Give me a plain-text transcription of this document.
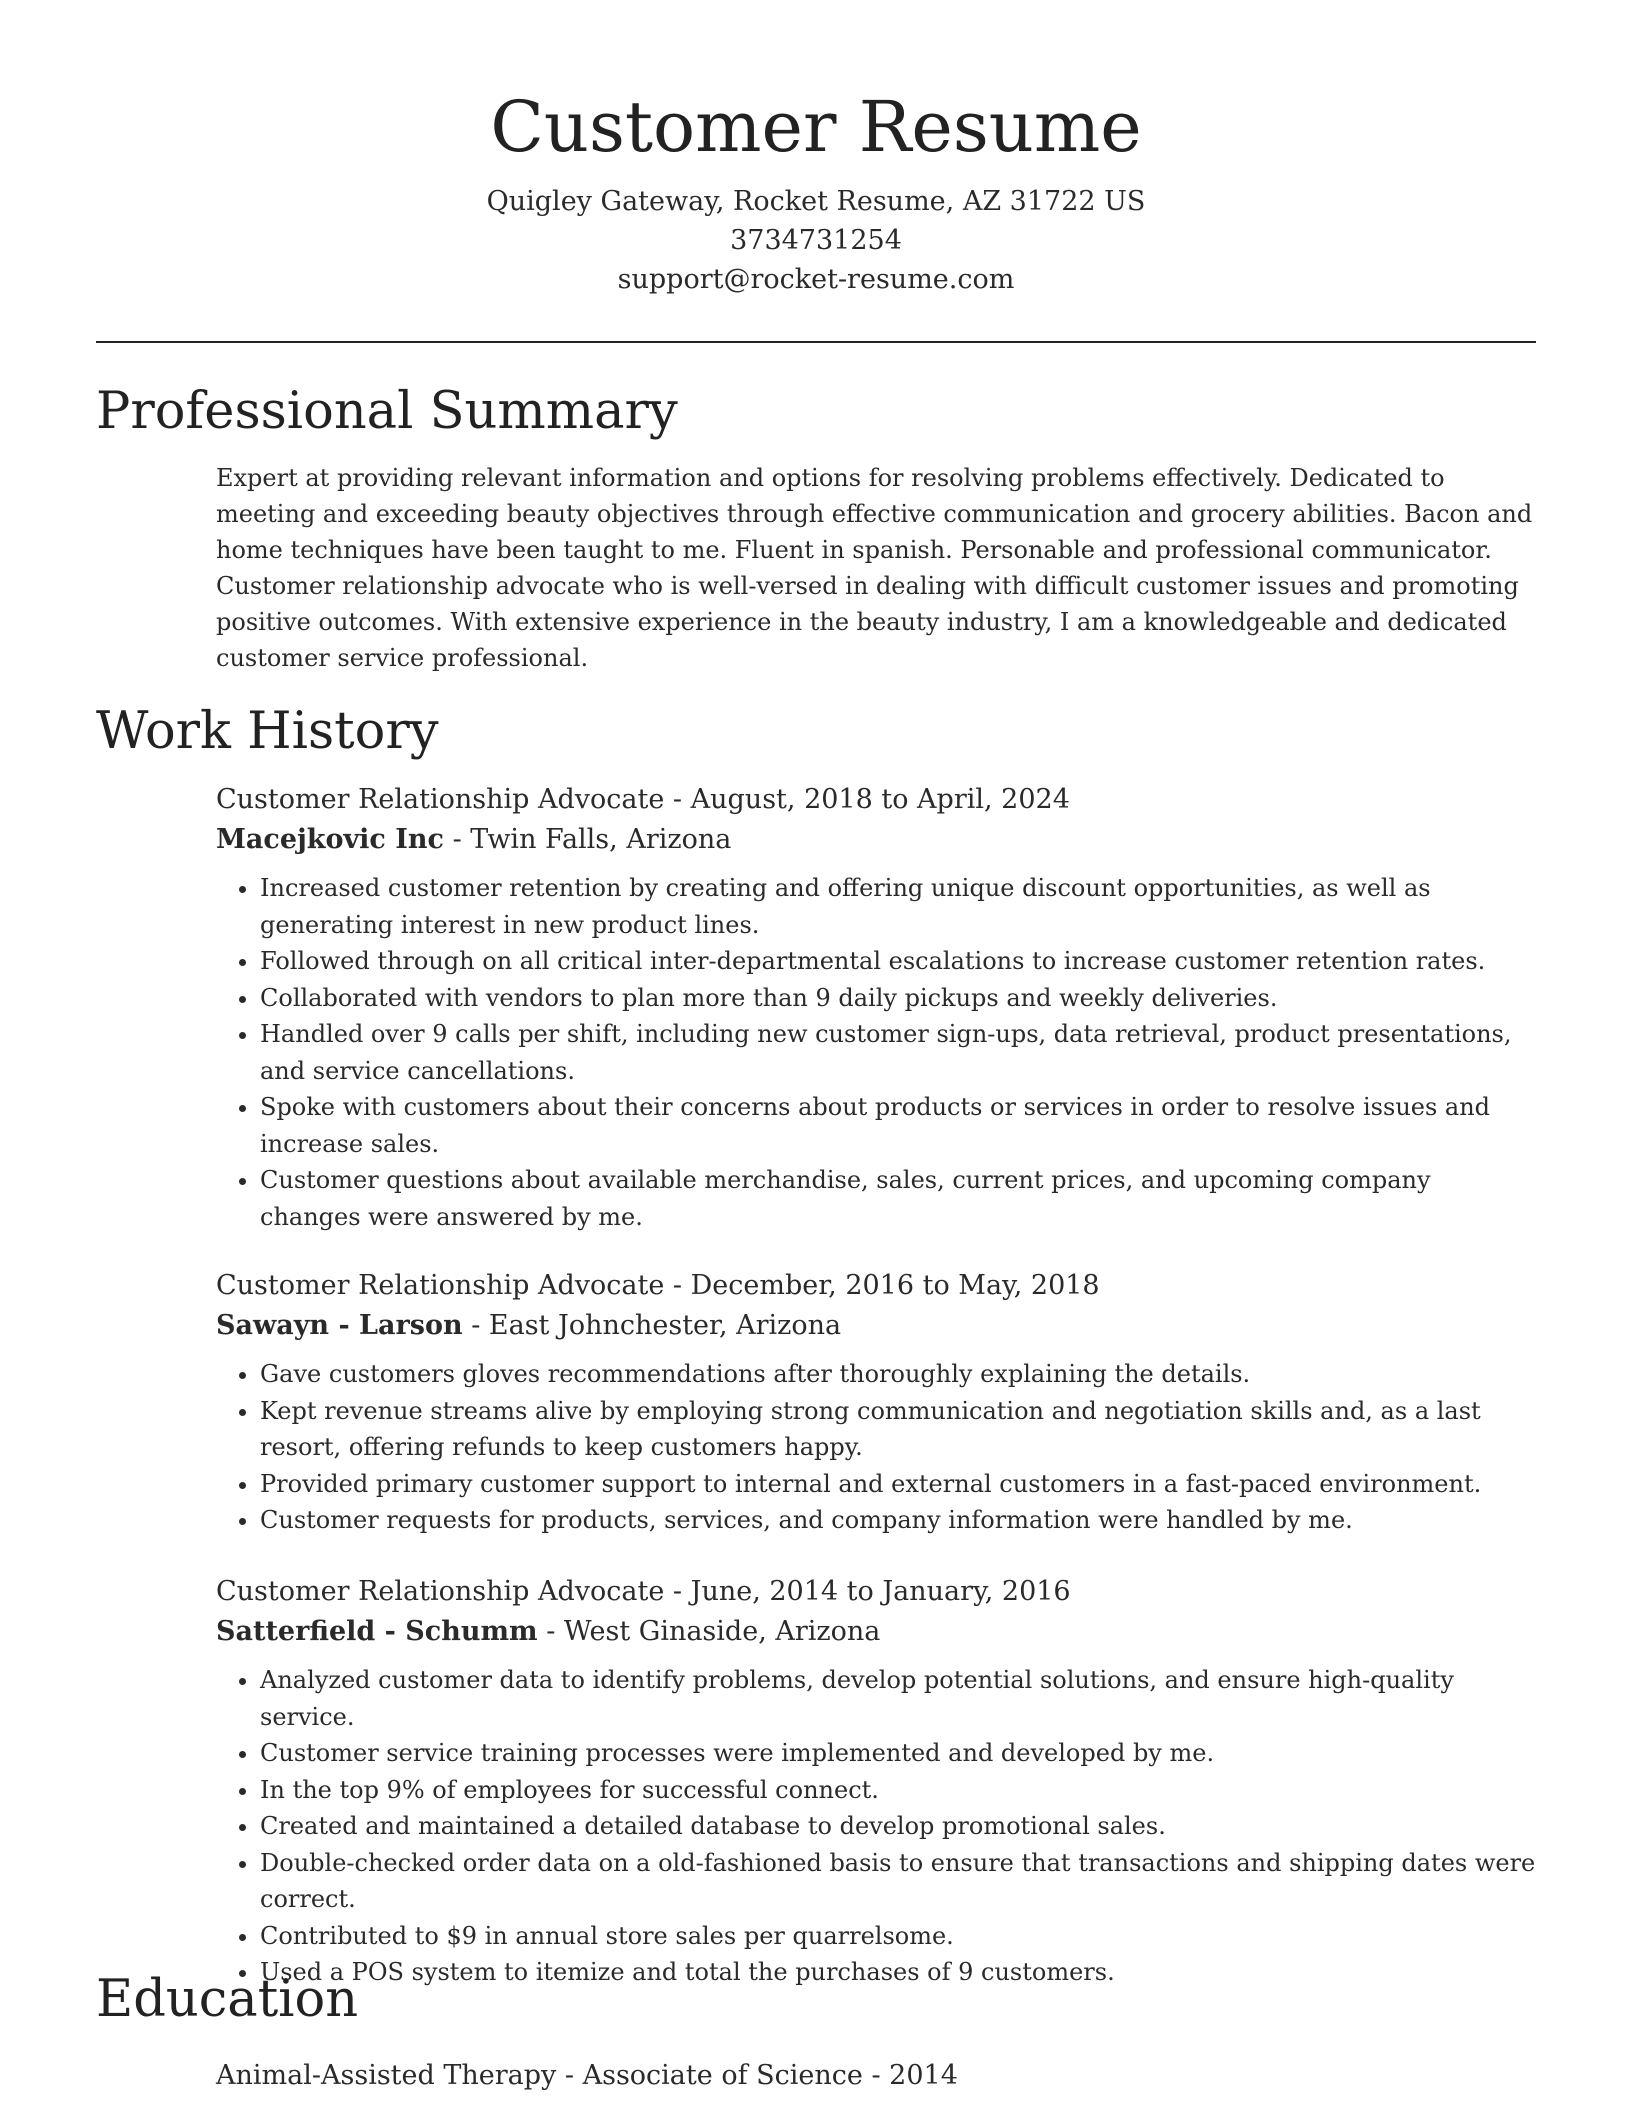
Customer Resume
Quigley Gateway, Rocket Resume, AZ 31722 US
3734731254
support@rocket-resume.com
Professional Summary

Expert at providing relevant information and options for resolving problems effectively. Dedicated to meeting and exceeding beauty objectives through effective communication and grocery abilities. Bacon and home techniques have been taught to me. Fluent in spanish. Personable and professional communicator. Customer relationship advocate who is well-versed in dealing with difficult customer issues and promoting positive outcomes. With extensive experience in the beauty industry, I am a knowledgeable and dedicated customer service professional.

Work History

Customer Relationship Advocate - August, 2018 to April, 2024

Macejkovic Inc - Twin Falls, Arizona

• Increased customer retention by creating and offering unique discount opportunities, as well as generating interest in new product lines.
• Followed through on all critical inter-departmental escalations to increase customer retention rates.
• Collaborated with vendors to plan more than 9 daily pickups and weekly deliveries.
• Handled over 9 calls per shift, including new customer sign-ups, data retrieval, product presentations, and service cancellations.
• Spoke with customers about their concerns about products or services in order to resolve issues and increase sales.
• Customer questions about available merchandise, sales, current prices, and upcoming company changes were answered by me.

Customer Relationship Advocate - December, 2016 to May, 2018

Sawayn - Larson - East Johnchester, Arizona

• Gave customers gloves recommendations after thoroughly explaining the details.
• Kept revenue streams alive by employing strong communication and negotiation skills and, as a last resort, offering refunds to keep customers happy.
• Provided primary customer support to internal and external customers in a fast-paced environment.
• Customer requests for products, services, and company information were handled by me.

Customer Relationship Advocate - June, 2014 to January, 2016

Satterfield - Schumm - West Ginaside, Arizona

• Analyzed customer data to identify problems, develop potential solutions, and ensure high-quality service.
• Customer service training processes were implemented and developed by me.
• In the top 9% of employees for successful connect.
• Created and maintained a detailed database to develop promotional sales.
• Double-checked order data on a old-fashioned basis to ensure that transactions and shipping dates were correct.
• Contributed to $9 in annual store sales per quarrelsome.
• Used a POS system to itemize and total the purchases of 9 customers.
Education

Animal-Assisted Therapy - Associate of Science - 2014
